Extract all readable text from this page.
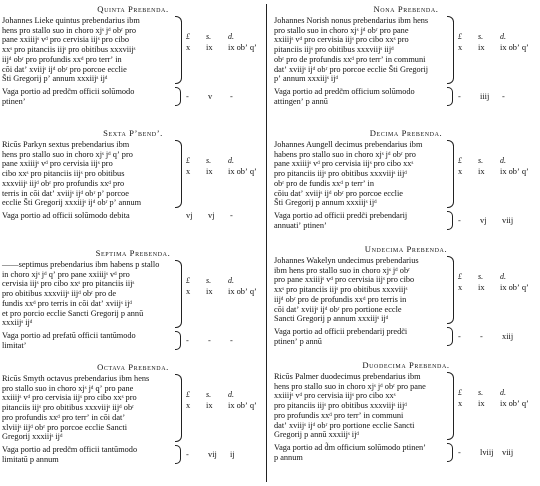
Quinta Prebenda.
Johannes Lieke quintus prebendarius ibm
hens pro stallo suo in choro xjˢ jᵈ obʳ pro
pane xxiiijˢ vᵈ pro cervisia iijˢ pro cibo
xxˢ pro pitanciis iijˢ pro obitibus xxxviijˢ
iijᵈ obʳ pro profundis xxᵈ pro terrʼ in
cōi datʼ xviijˢ ijᵈ obʳ pro porcoe ecclie
S̃ti Gregorij pʼ annum xxxiijˢ ijᵈ
£ s. d.
x ix ix obʼ qʼ
Vaga portio ad predc̃m officii solūmodo
ptinenʼ
- v -
Sexta Pʼbendʼ.
Ricūs Parkyn sextus prebendarius ibm
hens pro stallo suo in choro xjˢ jᵈ qʼ pro
pane xxiiijˢ vᵈ pro cervisia iijˢ pro
cibo xxˢ pro pitanciis iijˢ pro obitibus
xxxviijˢ iijᵈ obʳ pro profundis xxᵈ pro
terris in cōi datʼ xviijˢ ijᵈ obʳ pʼ porcoe
ecclie S̃ti Gregorij xxxiijˢ ijᵈ obʳ pʼ annum
£ s. d.
x ix ix obʼ qʼ
Vaga portio ad officii solūmodo debita	vj vj -
Septima Prebenda.
——septimus prebendarius ibm habens p stallo
in choro xjˢ jᵈ qʼ pro pane xxiiijˢ vᵈ pro
cervisia iijˢ pro cibo xxˢ pro pitanciis iijˢ
pro obitibus xxxviijˢ iijᵈ obʳ pro de
fundis xxᵈ pro terris in cōi datʼ xviijˢ ijᵈ
et pro porcio ecclie Sancti Gregorij p annū
xxxiijˢ ijᵈ
£ s. d.
x ix ix obʼ qʼ
Vaga portio ad prefatū officii tantūmodo
limitatʼ
- - -
Octava Prebenda.
Ricūs Smyth octavus prebendarius ibm hens
pro stallo suo in choro xjˢ jᵈ qʼ pro pane
xxiiijˢ vᵈ pro cervisia iijˢ pro cibo xxˢ pro
pitanciis iijˢ pro obitibus xxxviijˢ iijᵈ obʳ
pro profundis xxᵈ pro terrʼ in cōi datʼ
xlviijˢ iijᵈ obʳ pro porcoe ecclie Sancti
Gregorij xxxiijˢ ijᵈ
£ s. d.
x ix ix obʼ qʼ
Vaga portio ad predc̃m officii tantūmodo
limitatū p annum
- vij ij
Nona Prebenda.
Johannes Norish nonus prebendarius ibm hens
pro stallo suo in choro xjˢ jᵈ obʳ pro pane
xxiiijˢ vᵈ pro cervisia iijˢ pro cibo xxˢ pro
pitanciis iijˢ pro obitibus xxxviijˢ iijᵈ
obʳ pro de profundis xxᵈ pro terrʼ in communi
datʼ xviijˢ ijᵈ obʳ pro porcoe ecclie S̃ti Gregorij
pʼ annum xxxiijˢ ijᵈ
£ s. d.
x ix ix obʼ qʼ
Vaga portio ad predc̃m officium solūmodo
attingenʼ p annū
- iiij -
Decima Prebenda.
Johannes Aungell decimus prebendarius ibm
habens pro stallo suo in choro xjˢ jᵈ obʳ pro
pane xxiiijˢ vᵈ pro cervisia iijˢ pro cibo xxˢ
pro pitanciis iijˢ pro obitibus xxxviijˢ iijᵈ
obʳ pro de fundis xxᵈ p terrʼ in
cōiu datʼ xviijˢ ijᵈ obʳ pro porcoe ecclie
S̃ti Gregorij p annum xxxiijˢ ijᵈ
£ s. d.
x ix ix obʼ qʼ
Vaga portio ad officii predc̃i prebendarij
annuatiʼ ptinenʼ
- vj viij
Undecima Prebenda.
Johannes Wakelyn undecimus prebendarius
ibm hens pro stallo suo in choro xjˢ jᵈ obʳ
pro pane xxiiijˢ vᵈ pro cervisia iijˢ pro cibo
xxˢ pro pitanciis iijˢ pro obitibus xxxviijˢ
iijᵈ obʳ pro de profundis xxᵈ pro terris in
cōi datʼ xviijˢ ijᵈ obʳ pro portione eccle
Sancti Gregorij p annum xxxiijˢ ijᵈ
£ s. d.
x ix ix obʼ qʼ
Vaga portio ad officii prebendarij predc̃i
ptinenʼ p annū
- - xiij
Duodecima Prebenda.
Ricūs Palmer duodecimus prebendarius ibm
hens pro stallo suo in choro xjˢ jᵈ obʳ pro pane
xxiiijˢ vᵈ pro cervisia iijˢ pro cibo xxˢ
pro pitanciis iijˢ pro obitibus xxxviijˢ iijᵈ
pro profundis xxᵈ pro terrʼ in communi
datʼ xviijˢ ijᵈ obʳ pro portione ecclie Sancti
Gregorij p annū xxxiijˢ ijᵈ
£ s. d.
x ix ix obʼ qʼ
Vaga portio ad d̃m officium solūmodo ptinenʼ
p annum
- lviij viij
